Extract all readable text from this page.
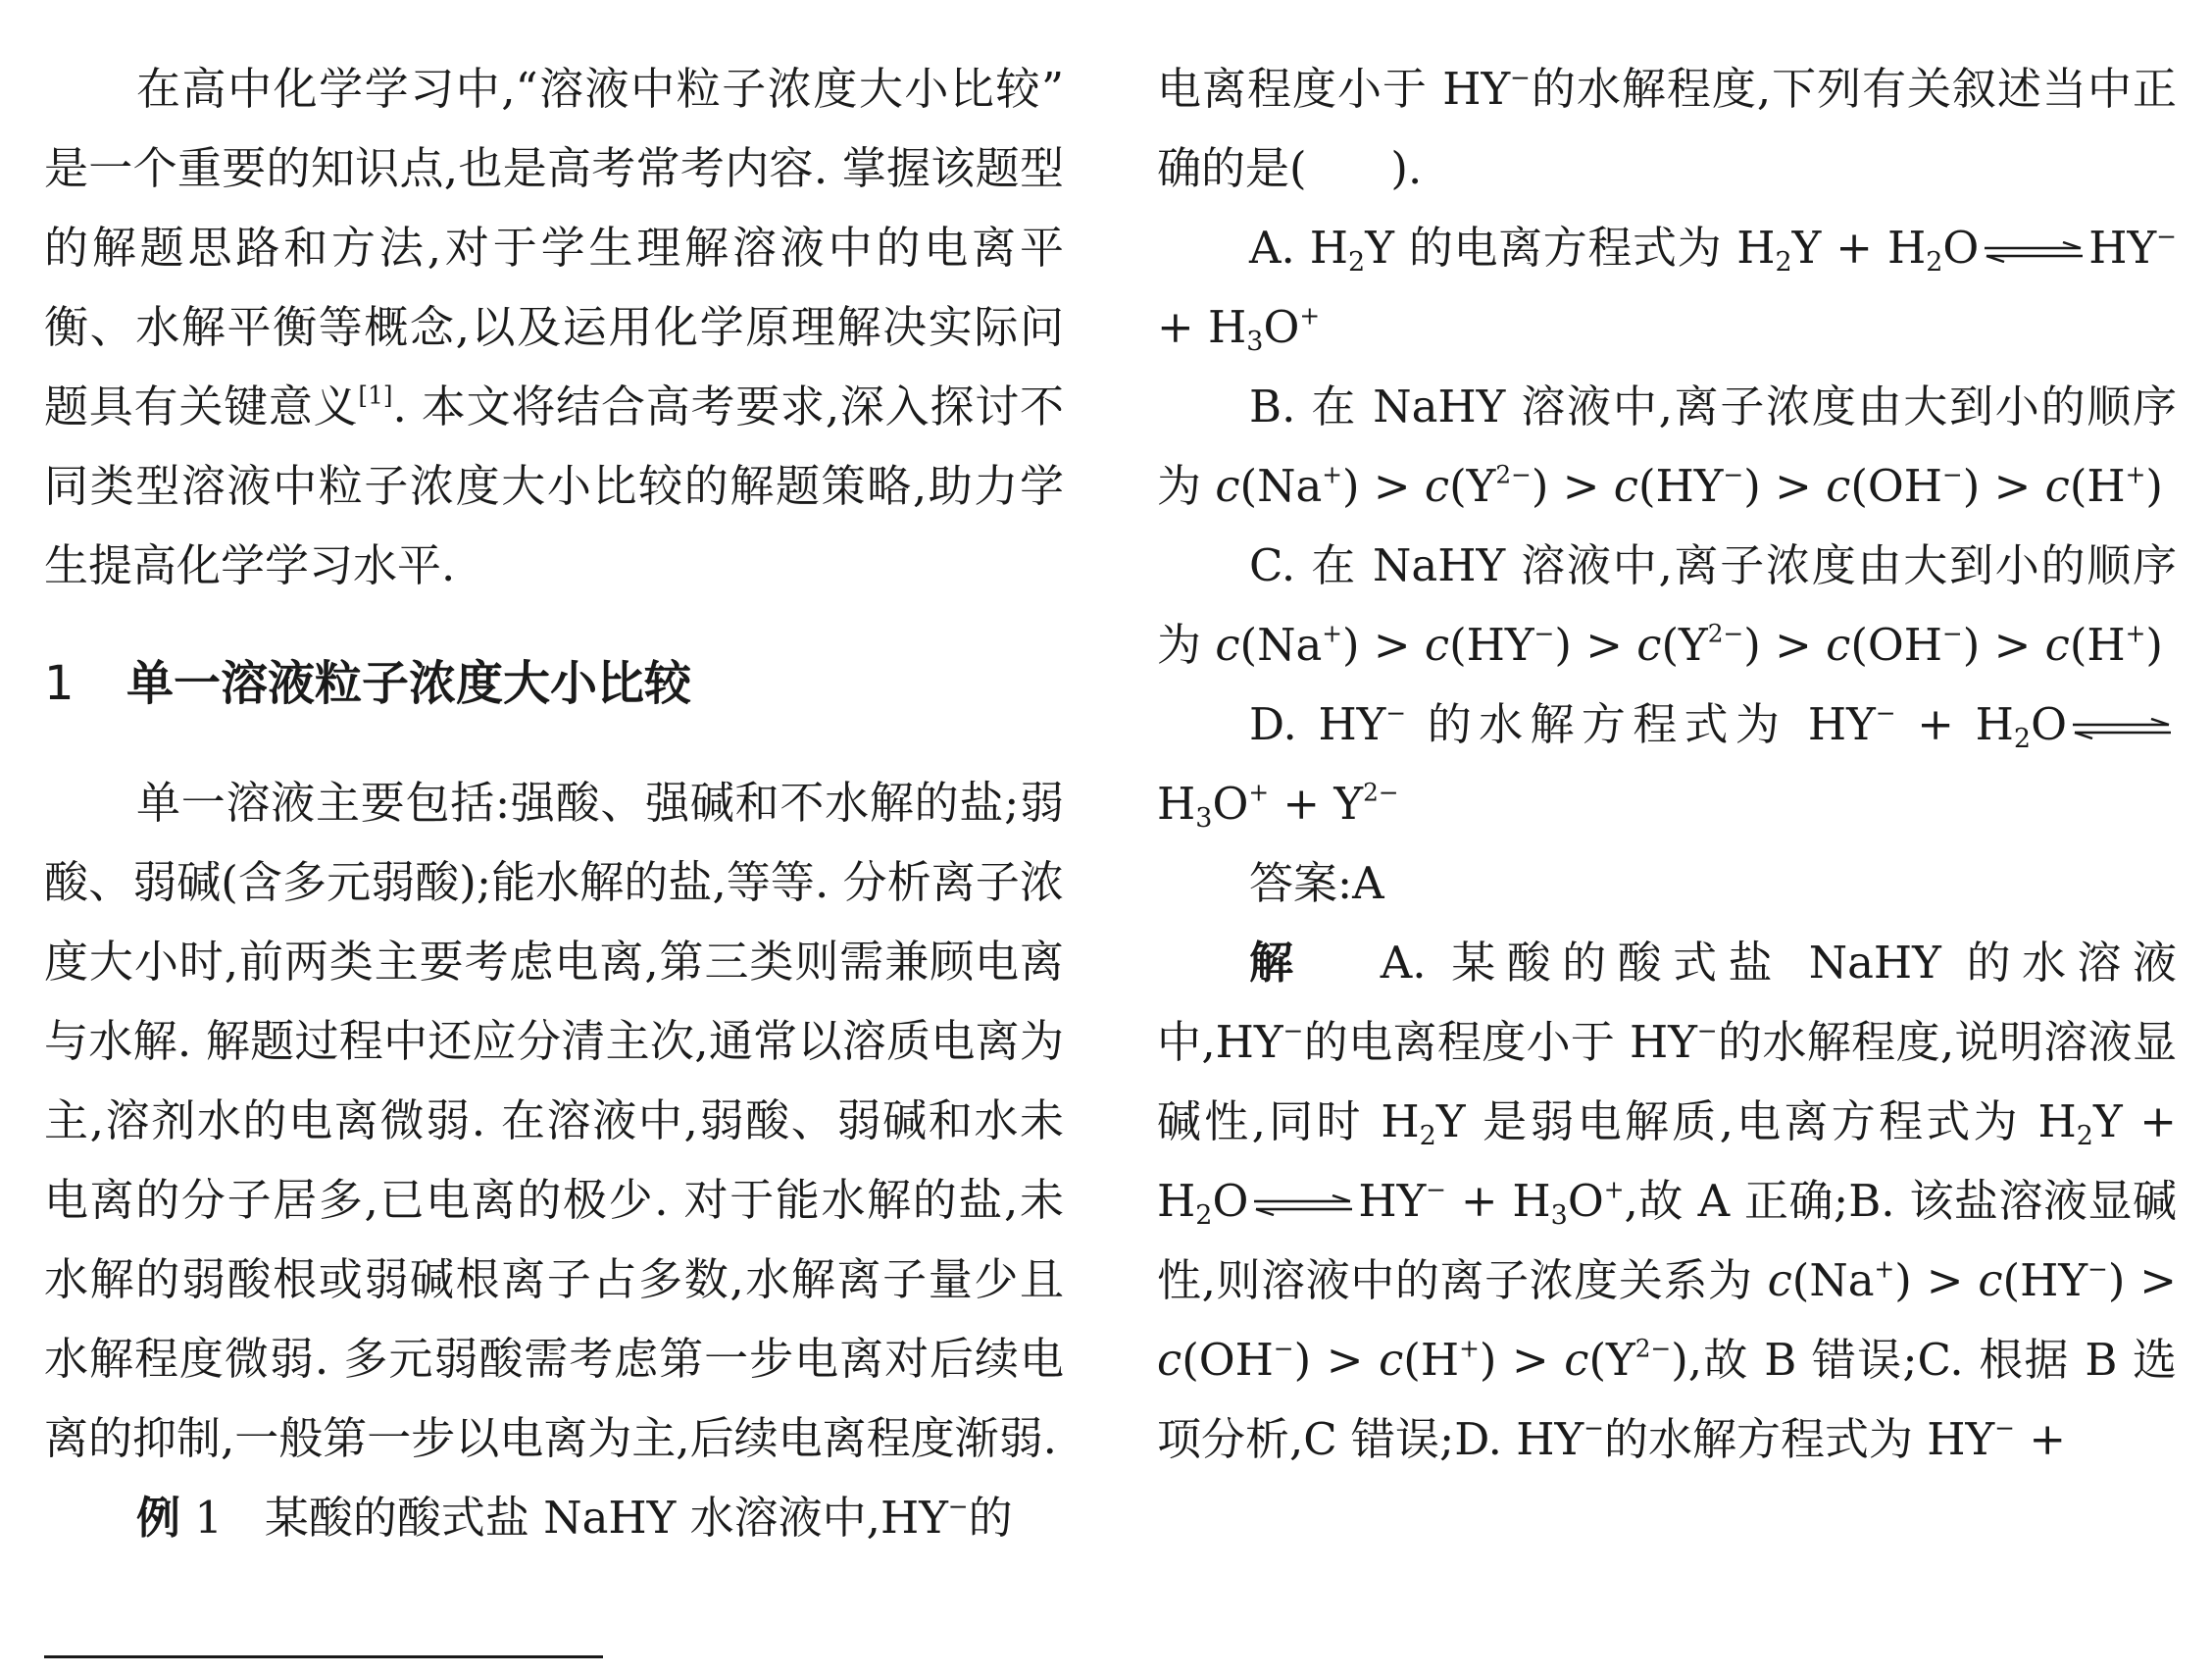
在高中化学学习中,“溶液中粒子浓度大小比较” 是一个重要的知识点,也是高考常考内容. 掌握该题型的解题思路和方法,对于学生理解溶液中的电离平衡、水解平衡等概念,以及运用化学原理解决实际问题具有关键意义[1]. 本文将结合高考要求,深入探讨不同类型溶液中粒子浓度大小比较的解题策略,助力学生提高化学学习水平.

1 单一溶液粒子浓度大小比较

单一溶液主要包括:强酸、强碱和不水解的盐;弱酸、弱碱(含多元弱酸);能水解的盐,等等. 分析离子浓度大小时,前两类主要考虑电离,第三类则需兼顾电离与水解. 解题过程中还应分清主次,通常以溶质电离为主,溶剂水的电离微弱. 在溶液中,弱酸、弱碱和水未电离的分子居多,已电离的极少. 对于能水解的盐,未水解的弱酸根或弱碱根离子占多数,水解离子量少且水解程度微弱. 多元弱酸需考虑第一步电离对后续电离的抑制,一般第一步以电离为主,后续电离程度渐弱.

例 1 某酸的酸式盐 NaHY 水溶液中,HY−的

电离程度小于 HY−的水解程度,下列有关叙述当中正确的是( ).

A. $H_2Y$ 的电离方程式为 $H_2Y + H_2O$ ⇌ $HY^- + H_3O^+$

B. 在 NaHY 溶液中,离子浓度由大到小的顺序为 $c(Na^+) > c(Y^{2-}) > c(HY^-) > c(OH^-) > c(H^+)$

C. 在 NaHY 溶液中,离子浓度由大到小的顺序为 $c(Na^+) > c(HY^-) > c(Y^{2-}) > c(OH^-) > c(H^+)$

D. HY− 的水解方程式为 $HY^- + H_2O$ $\rightleftharpoons H_3O^+ + Y^{2-}$

答案:A

解 A. 某酸的酸式盐 NaHY 的水溶液中,HY−的电离程度小于 HY−的水解程度,说明溶液显碱性,同时 $H_2Y$ 是弱电解质,电离方程式为 $H_2Y + H_2O$ ⇌ $HY^- + H_3O^+$,故 A 正确;B. 该盐溶液显碱性,则溶液中的离子浓度关系为 $c(Na^+) > c(HY^-) > c(OH^-) > c(H^+) > c(Y^{2-})$,故 B 错误;C. 根据 B 选项分析,C 错误;D. HY−的水解方程式为 HY− +
